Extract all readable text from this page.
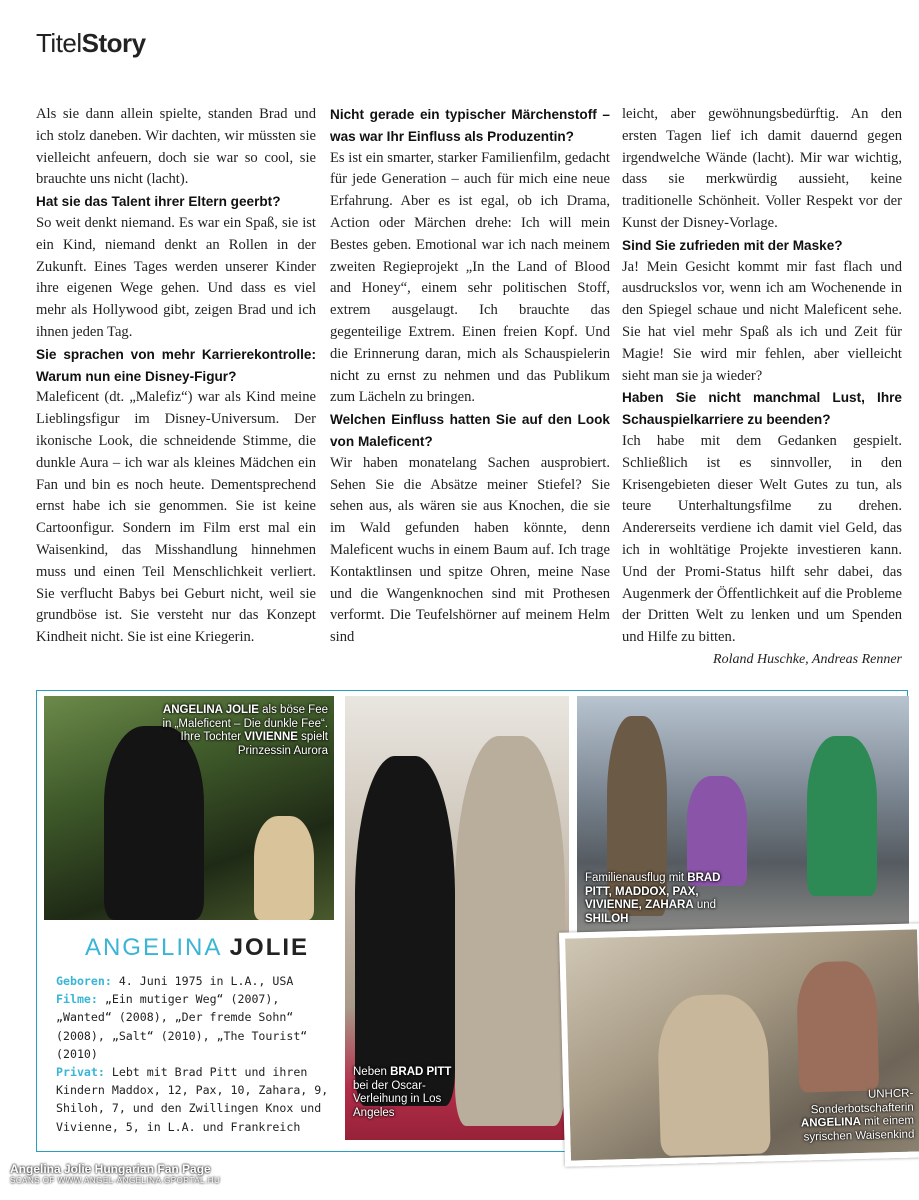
TitelStory

Als sie dann allein spielte, standen Brad und ich stolz daneben. Wir dachten, wir müssten sie vielleicht anfeuern, doch sie war so cool, sie brauchte uns nicht (lacht).

Hat sie das Talent ihrer Eltern geerbt?

So weit denkt niemand. Es war ein Spaß, sie ist ein Kind, niemand denkt an Rollen in der Zukunft. Eines Tages werden unserer Kinder ihre eigenen Wege gehen. Und dass es viel mehr als Hollywood gibt, zeigen Brad und ich ihnen jeden Tag.

Sie sprachen von mehr Karrierekontrolle: Warum nun eine Disney-Figur?

Maleficent (dt. „Malefiz“) war als Kind meine Lieblingsfigur im Disney-Universum. Der ikonische Look, die schneidende Stimme, die dunkle Aura – ich war als kleines Mädchen ein Fan und bin es noch heute. Dementsprechend ernst habe ich sie genommen. Sie ist keine Cartoonfigur. Sondern im Film erst mal ein Waisenkind, das Misshandlung hinnehmen muss und einen Teil Menschlichkeit verliert. Sie verflucht Babys bei Geburt nicht, weil sie grundböse ist. Sie versteht nur das Konzept Kindheit nicht. Sie ist eine Kriegerin.

Nicht gerade ein typischer Märchenstoff – was war Ihr Einfluss als Produzentin?

Es ist ein smarter, starker Familienfilm, gedacht für jede Generation – auch für mich eine neue Erfahrung. Aber es ist egal, ob ich Drama, Action oder Märchen drehe: Ich will mein Bestes geben. Emotional war ich nach meinem zweiten Regieprojekt „In the Land of Blood and Honey“, einem sehr politischen Stoff, extrem ausgelaugt. Ich brauchte das gegenteilige Extrem. Einen freien Kopf. Und die Erinnerung daran, mich als Schauspielerin nicht zu ernst zu nehmen und das Publikum zum Lächeln zu bringen.

Welchen Einfluss hatten Sie auf den Look von Maleficent?

Wir haben monatelang Sachen ausprobiert. Sehen Sie die Absätze meiner Stiefel? Sie sehen aus, als wären sie aus Knochen, die sie im Wald gefunden haben könnte, denn Maleficent wuchs in einem Baum auf. Ich trage Kontaktlinsen und spitze Ohren, meine Nase und die Wangenknochen sind mit Prothesen verformt. Die Teufelshörner auf meinem Helm sind

leicht, aber gewöhnungsbedürftig. An den ersten Tagen lief ich damit dauernd gegen irgendwelche Wände (lacht). Mir war wichtig, dass sie merkwürdig aussieht, keine traditionelle Schönheit. Voller Respekt vor der Kunst der Disney-Vorlage.

Sind Sie zufrieden mit der Maske?

Ja! Mein Gesicht kommt mir fast flach und ausdruckslos vor, wenn ich am Wochenende in den Spiegel schaue und nicht Maleficent sehe. Sie hat viel mehr Spaß als ich und Zeit für Magie! Sie wird mir fehlen, aber vielleicht sieht man sie ja wieder?

Haben Sie nicht manchmal Lust, Ihre Schauspielkarriere zu beenden?

Ich habe mit dem Gedanken gespielt. Schließlich ist es sinnvoller, in den Krisengebieten dieser Welt Gutes zu tun, als teure Unterhaltungsfilme zu drehen. Andererseits verdiene ich damit viel Geld, das ich in wohltätige Projekte investieren kann. Und der Promi-Status hilft sehr dabei, das Augenmerk der Öffentlichkeit auf die Probleme der Dritten Welt zu lenken und um Spenden und Hilfe zu bitten.

Roland Huschke, Andreas Renner
ANGELINA JOLIE als böse Fee in „Maleficent – Die dunkle Fee“. Ihre Tochter VIVIENNE spielt Prinzessin Aurora
Neben BRAD PITT bei der Oscar-Verleihung in Los Angeles
Familienausflug mit BRAD PITT, MADDOX, PAX, VIVIENNE, ZAHARA und SHILOH
UNHCR-Sonderbotschafterin ANGELINA mit einem syrischen Waisenkind
ANGELINA JOLIE
Geboren: 4. Juni 1975 in L.A., USA
Filme: „Ein mutiger Weg“ (2007), „Wanted“ (2008), „Der fremde Sohn“ (2008), „Salt“ (2010), „The Tourist“ (2010)
Privat: Lebt mit Brad Pitt und ihren Kindern Maddox, 12, Pax, 10, Zahara, 9, Shiloh, 7, und den Zwillingen Knox und Vivienne, 5, in L.A. und Frankreich
Angelina Jolie Hungarian Fan Page
SCANS OF WWW.ANGEL-ANGELINA.GPORTAL.HU
